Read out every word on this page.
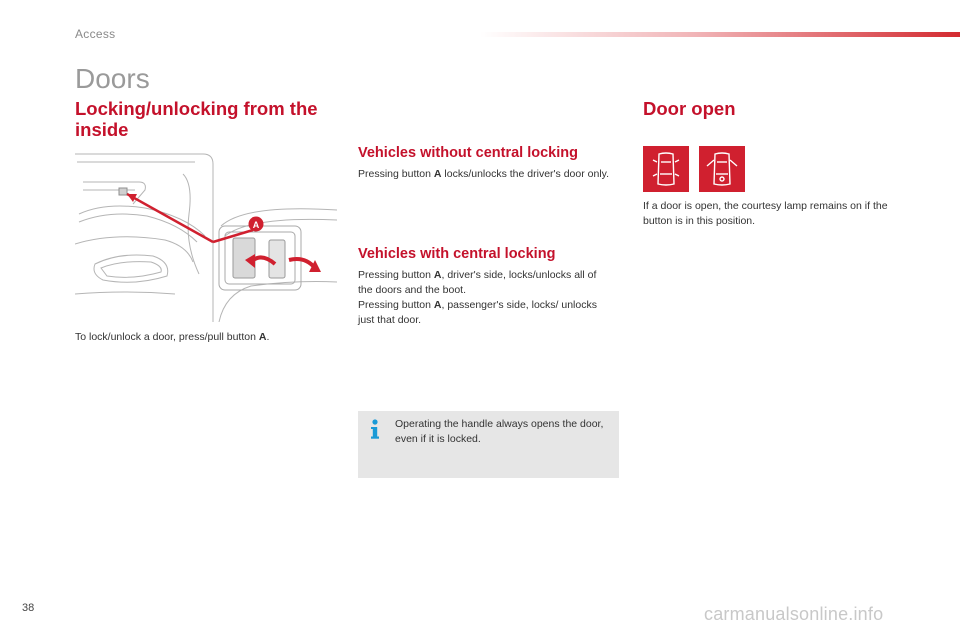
Access
Doors
Locking/unlocking from the inside
A
To lock/unlock a door, press/pull button A.
Vehicles without central locking
Pressing button A locks/unlocks the driver's door only.
Vehicles with central locking
Pressing button A, driver's side, locks/unlocks all of the doors and the boot.
Pressing button A, passenger's side, locks/ unlocks just that door.
Operating the handle always opens the door, even if it is locked.
Door open
If a door is open, the courtesy lamp remains on if the button is in this position.
38	carmanualsonline.info
